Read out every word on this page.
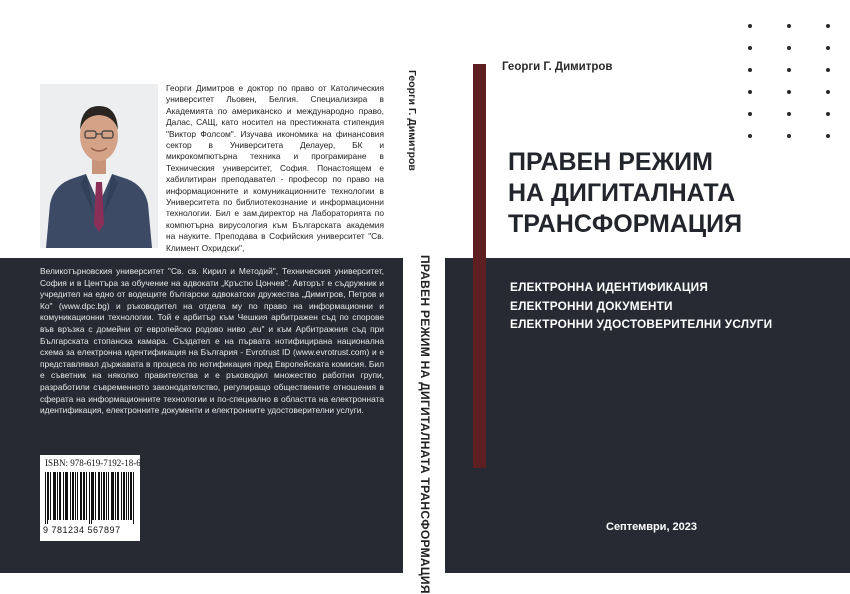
Георги Димитров е доктор по право от Католическия университет Льовен, Белгия. Специализира в Академията по американско и международно право, Далас, САЩ, като носител на престижната стипендия "Виктор Фолсом". Изучава икономика на финансовия сектор в Университета Делауер, БК и микрокомпютърна техника и програмиране в Техническия университет, София. Понастоящем е хабилитиран преподавател - професор по право на информационните и комуникационните технологии в Университета по библиотекознание и информационни технологии. Бил е зам.директор на Лабораторията по компютърна вирусология към Българската академия на науките. Преподава в Софийския университет "Св. Климент Охридски",

Великотърновския университет "Св. св. Кирил и Методий", Техническия университет, София и в Центъра за обучение на адвокати „Кръстю Цончев". Авторът е съдружник и учредител на едно от водещите български адвокатски дружества „Димитров, Петров и Ко" (www.dpc.bg) и ръководител на отдела му по право на информационни и комуникационни технологии. Той е арбитър към Чешкия арбитражен съд по спорове във връзка с домейни от европейско родово ниво „eu" и към Арбитражния съд при Българската стопанска камара. Създател е на първата нотифицирана национална схема за електронна идентификация на България - Evrotrust ID (www.evrotrust.com) и е представлявал държавата в процеса по нотификация пред Европейската комисия. Бил е съветник на няколко правителства и е ръководил множество работни групи, разработили съвременното законодателство, регулиращо обществените отношения в сферата на информационните технологии и по-специално в областта на електронната идентификация, електронните документи и електронните удостоверителни услуги.

ISBN: 978-619-7192-18-6
9 781234 567897
Георги Г. Димитров
ПРАВЕН РЕЖИМ НА ДИГИТАЛНАТА ТРАНСФОРМАЦИЯ
Георги Г. Димитров
ПРАВЕН РЕЖИМ
НА ДИГИТАЛНАТА
ТРАНСФОРМАЦИЯ
ЕЛЕКТРОННА ИДЕНТИФИКАЦИЯ
ЕЛЕКТРОННИ ДОКУМЕНТИ
ЕЛЕКТРОННИ УДОСТОВЕРИТЕЛНИ УСЛУГИ
Септември, 2023
